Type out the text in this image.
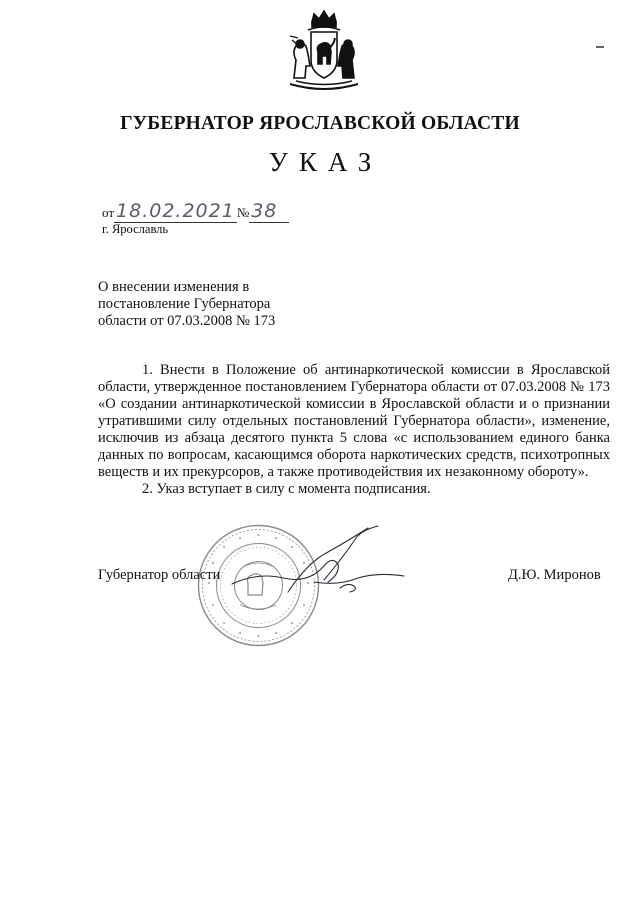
ГУБЕРНАТОР ЯРОСЛАВСКОЙ ОБЛАСТИ
УКАЗ
от 18.02.2021 № 38
г. Ярославль
О внесении изменения в
постановление Губернатора
области от 07.03.2008 № 173

1. Внести в Положение об антинаркотической комиссии в Ярославской области, утвержденное постановлением Губернатора области от 07.03.2008 № 173 «О создании антинаркотической комиссии в Ярославской области и о признании утратившими силу отдельных постановлений Губернатора области», изменение, исключив из абзаца десятого пункта 5 слова «с использованием единого банка данных по вопросам, касающимся оборота наркотических средств, психотропных веществ и их прекурсоров, а также противодействия их незаконному обороту».

2. Указ вступает в силу с момента подписания.

Губернатор области	Д.Ю. Миронов
